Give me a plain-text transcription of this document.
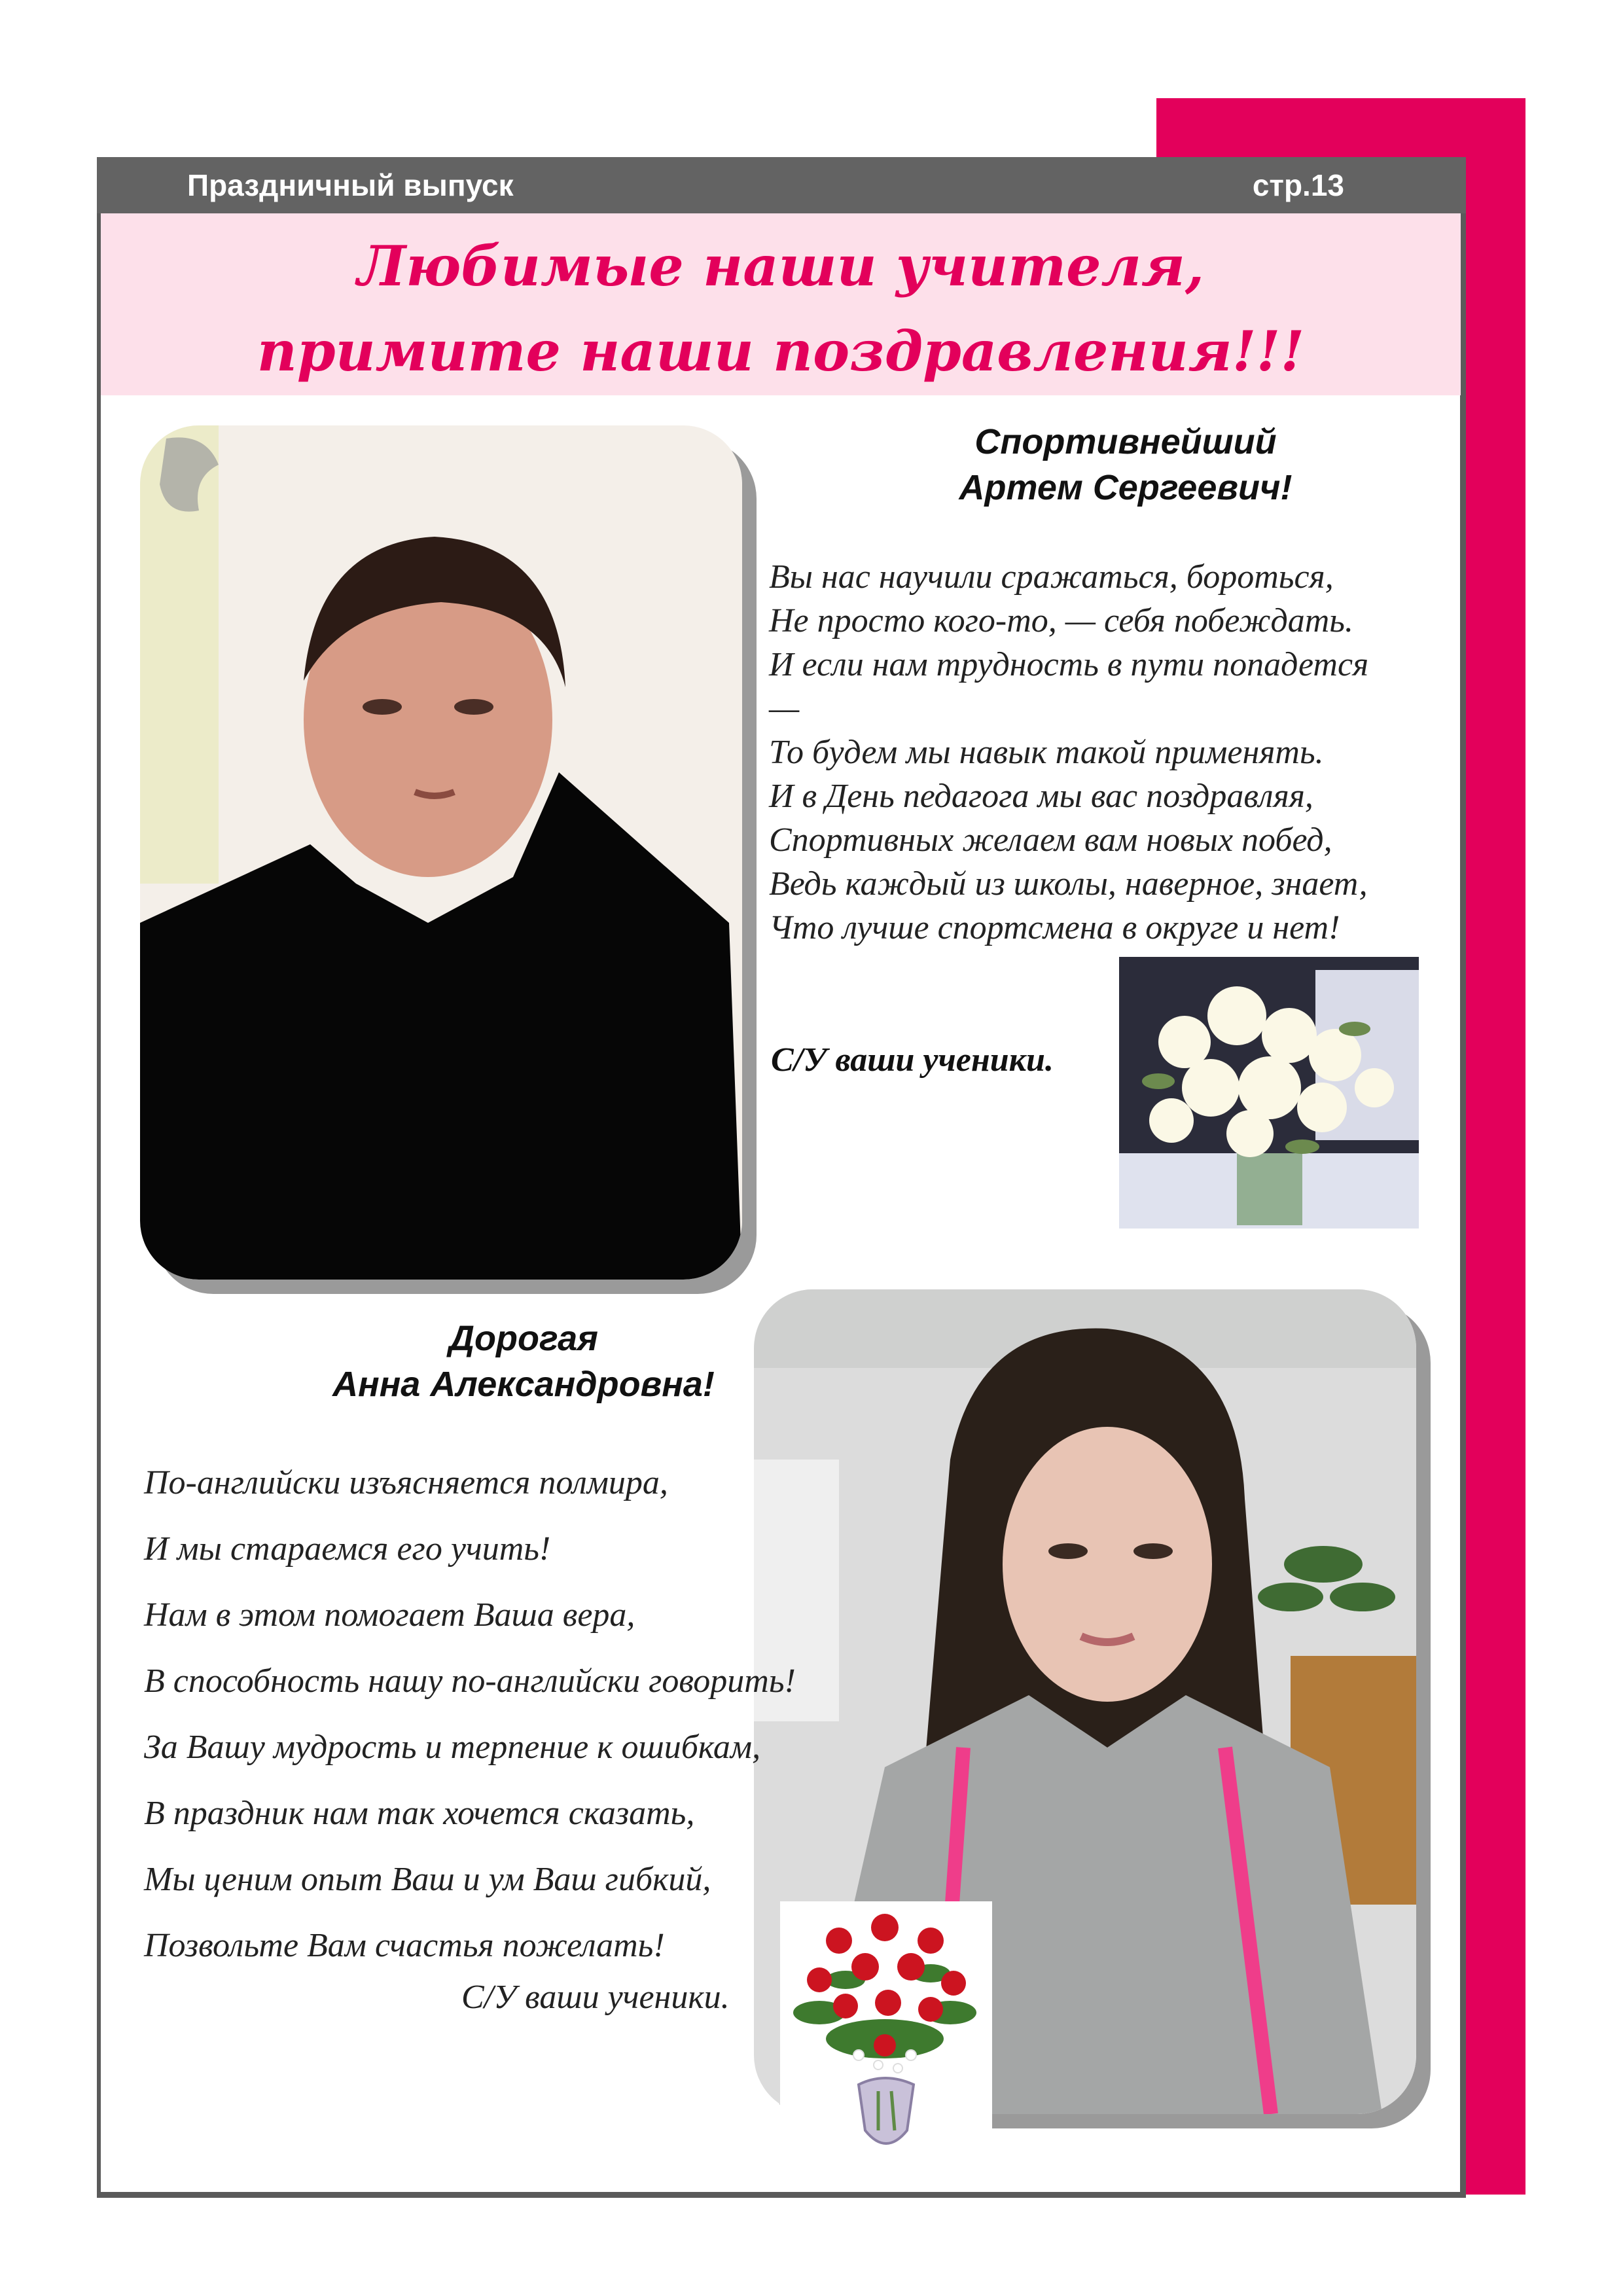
Праздничный выпуск	стр.13
Любимые наши учителя, примите наши поздравления!!!
Спортивнейший
Артем Сергеевич!
Вы нас научили сражаться, бороться,
Не просто кого-то, — себя побеждать.
И если нам трудность в пути попадется
—
То будем мы навык такой применять.
И в День педагога мы вас поздравляя,
Спортивных желаем вам новых побед,
Ведь каждый из школы, наверное, знает,
Что лучше спортсмена в округе и нет!
С/У ваши ученики.
Дорогая
Анна Александровна!
По-английски изъясняется полмира,
И мы стараемся его учить!
Нам в этом помогает Ваша вера,
В способность нашу по-английски говорить!
За Вашу мудрость и терпение к ошибкам,
В праздник нам так хочется сказать,
Мы ценим опыт Ваш и ум Ваш гибкий,
Позвольте Вам счастья пожелать!
С/У ваши ученики.
